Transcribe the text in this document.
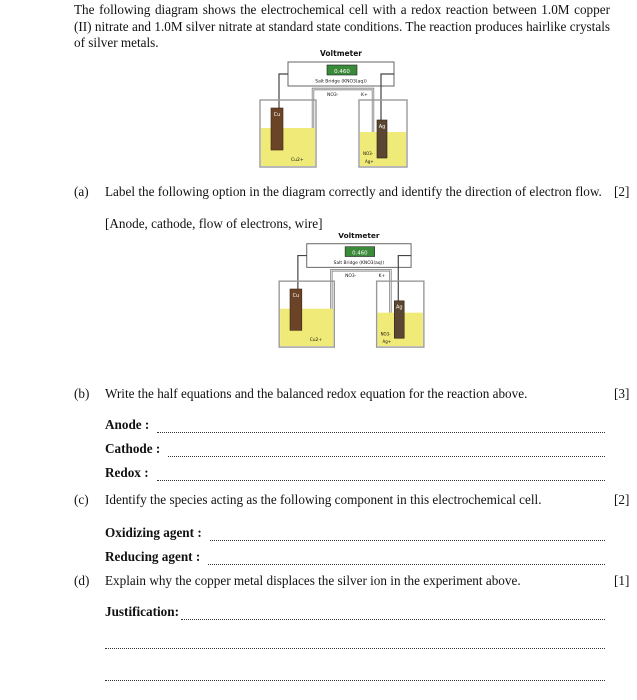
The following diagram shows the electrochemical cell with a redox reaction between 1.0M copper (II) nitrate and 1.0M silver nitrate at standard state conditions. The reaction produces hairlike crystals of silver metals.
Voltmeter
0.460
Salt Bridge (KNO3(aq))
NO3-	K+
Cu
Ag
Cu2+
NO3-
Ag+
(a) Label the following option in the diagram correctly and identify the direction of electron flow. [2]
[Anode, cathode, flow of electrons, wire]
Voltmeter
0.460
Salt Bridge (KNO3(aq))
NO3-	K+
Cu
Ag
Cu2+
NO3-
Ag+
(b) Write the half equations and the balanced redox equation for the reaction above.	[3]
Anode :
Cathode :
Redox :
(c) Identify the species acting as the following component in this electrochemical cell.	[2]
Oxidizing agent :
Reducing agent :
(d) Explain why the copper metal displaces the silver ion in the experiment above.	[1]
Justification:
